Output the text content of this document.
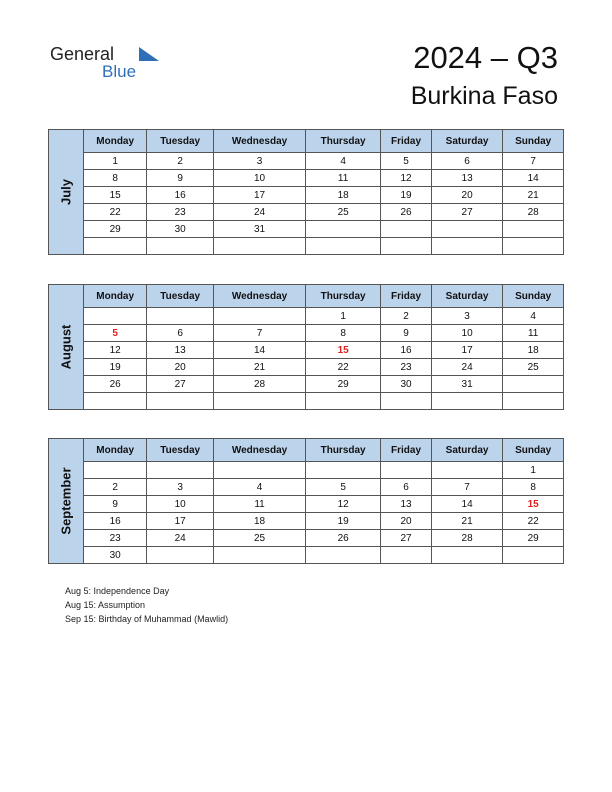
General
Blue	2024 – Q3
Burkina Faso
July	Monday	Tuesday	Wednesday	Thursday	Friday	Saturday	Sunday
	1	2	3	4	5	6	7
	8	9	10	11	12	13	14
	15	16	17	18	19	20	21
	22	23	24	25	26	27	28
	29	30	31				

August	Monday	Tuesday	Wednesday	Thursday	Friday	Saturday	Sunday
				1	2	3	4
	5	6	7	8	9	10	11
	12	13	14	15	16	17	18
	19	20	21	22	23	24	25
	26	27	28	29	30	31	

September	Monday	Tuesday	Wednesday	Thursday	Friday	Saturday	Sunday
							1
	2	3	4	5	6	7	8
	9	10	11	12	13	14	15
	16	17	18	19	20	21	22
	23	24	25	26	27	28	29
	30						
Aug 5: Independence Day
Aug 15: Assumption
Sep 15: Birthday of Muhammad (Mawlid)
